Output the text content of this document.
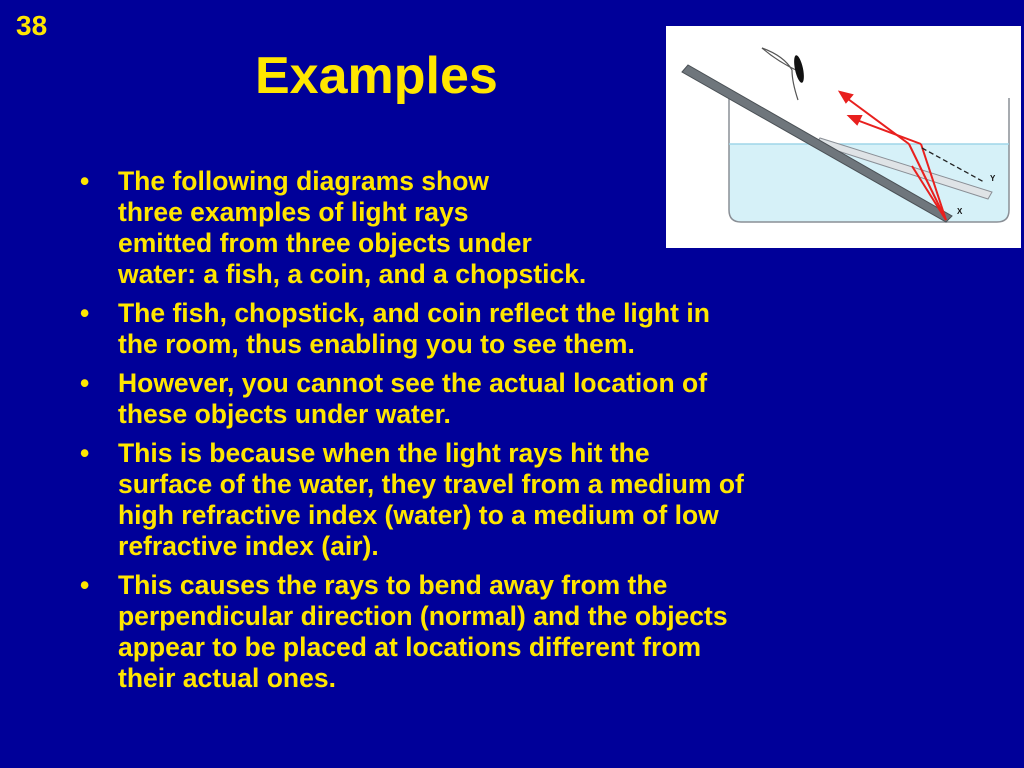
38
Examples
Y
X
• The following diagrams show
three examples of light rays
emitted from three objects under
water: a fish, a coin, and a chopstick.
• The fish, chopstick, and coin reflect the light in
the room, thus enabling you to see them.
• However, you cannot see the actual location of
these objects under water.
• This is because when the light rays hit the
surface of the water, they travel from a medium of
high refractive index (water) to a medium of low
refractive index (air).
• This causes the rays to bend away from the
perpendicular direction (normal) and the objects
appear to be placed at locations different from
their actual ones.
